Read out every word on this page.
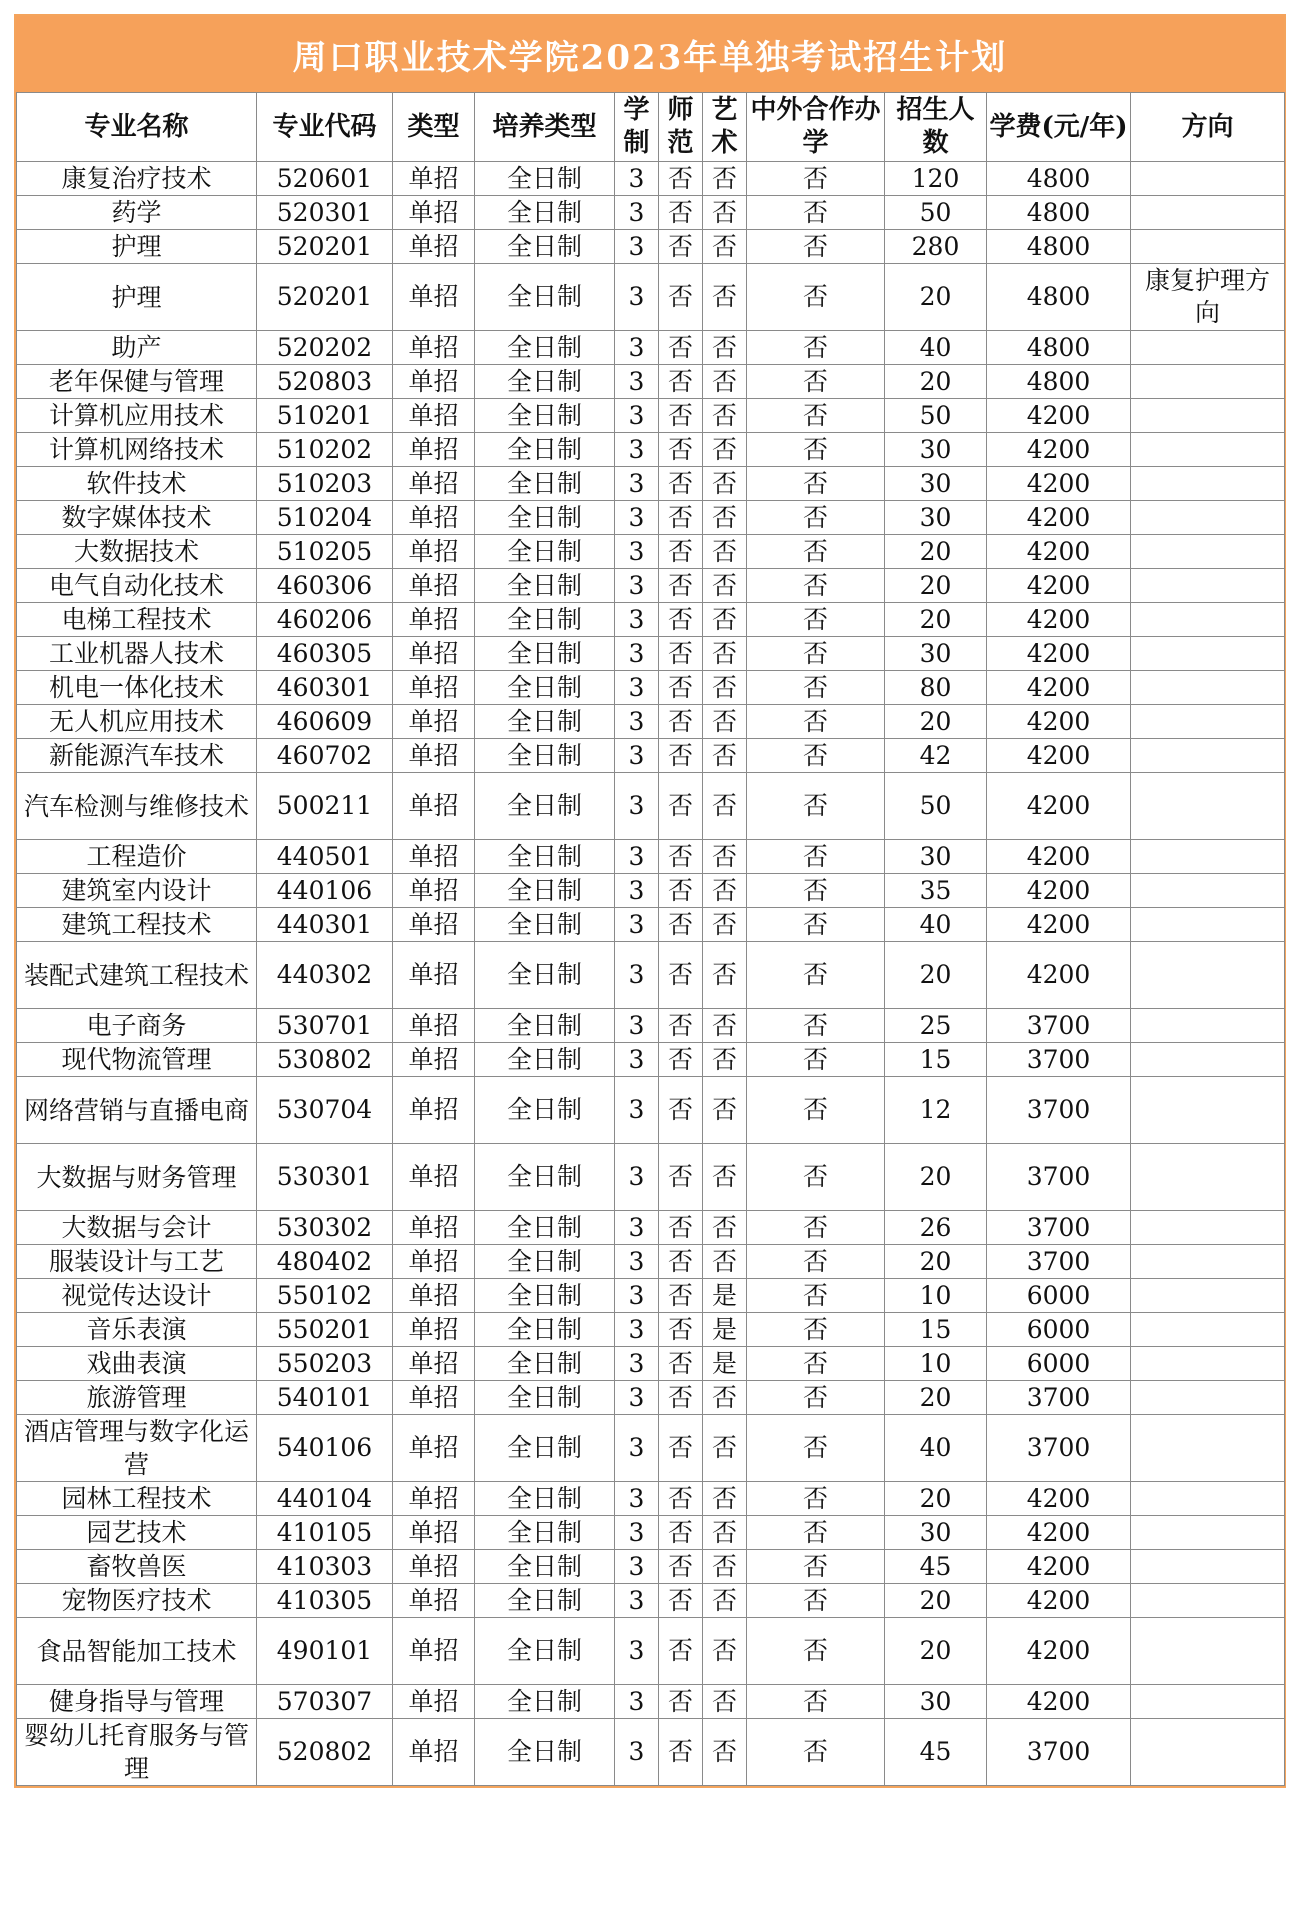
周口职业技术学院2023年单独考试招生计划
专业名称	专业代码	类型	培养类型	学制	师范	艺术	中外合作办学	招生人数	学费(元/年)	方向
康复治疗技术	520601	单招	全日制	3	否	否	否	120	4800	
药学	520301	单招	全日制	3	否	否	否	50	4800	
护理	520201	单招	全日制	3	否	否	否	280	4800	
护理	520201	单招	全日制	3	否	否	否	20	4800	康复护理方向
助产	520202	单招	全日制	3	否	否	否	40	4800	
老年保健与管理	520803	单招	全日制	3	否	否	否	20	4800	
计算机应用技术	510201	单招	全日制	3	否	否	否	50	4200	
计算机网络技术	510202	单招	全日制	3	否	否	否	30	4200	
软件技术	510203	单招	全日制	3	否	否	否	30	4200	
数字媒体技术	510204	单招	全日制	3	否	否	否	30	4200	
大数据技术	510205	单招	全日制	3	否	否	否	20	4200	
电气自动化技术	460306	单招	全日制	3	否	否	否	20	4200	
电梯工程技术	460206	单招	全日制	3	否	否	否	20	4200	
工业机器人技术	460305	单招	全日制	3	否	否	否	30	4200	
机电一体化技术	460301	单招	全日制	3	否	否	否	80	4200	
无人机应用技术	460609	单招	全日制	3	否	否	否	20	4200	
新能源汽车技术	460702	单招	全日制	3	否	否	否	42	4200	
汽车检测与维修技术	500211	单招	全日制	3	否	否	否	50	4200	
工程造价	440501	单招	全日制	3	否	否	否	30	4200	
建筑室内设计	440106	单招	全日制	3	否	否	否	35	4200	
建筑工程技术	440301	单招	全日制	3	否	否	否	40	4200	
装配式建筑工程技术	440302	单招	全日制	3	否	否	否	20	4200	
电子商务	530701	单招	全日制	3	否	否	否	25	3700	
现代物流管理	530802	单招	全日制	3	否	否	否	15	3700	
网络营销与直播电商	530704	单招	全日制	3	否	否	否	12	3700	
大数据与财务管理	530301	单招	全日制	3	否	否	否	20	3700	
大数据与会计	530302	单招	全日制	3	否	否	否	26	3700	
服装设计与工艺	480402	单招	全日制	3	否	否	否	20	3700	
视觉传达设计	550102	单招	全日制	3	否	是	否	10	6000	
音乐表演	550201	单招	全日制	3	否	是	否	15	6000	
戏曲表演	550203	单招	全日制	3	否	是	否	10	6000	
旅游管理	540101	单招	全日制	3	否	否	否	20	3700	
酒店管理与数字化运营	540106	单招	全日制	3	否	否	否	40	3700	
园林工程技术	440104	单招	全日制	3	否	否	否	20	4200	
园艺技术	410105	单招	全日制	3	否	否	否	30	4200	
畜牧兽医	410303	单招	全日制	3	否	否	否	45	4200	
宠物医疗技术	410305	单招	全日制	3	否	否	否	20	4200	
食品智能加工技术	490101	单招	全日制	3	否	否	否	20	4200	
健身指导与管理	570307	单招	全日制	3	否	否	否	30	4200	
婴幼儿托育服务与管理	520802	单招	全日制	3	否	否	否	45	3700	
